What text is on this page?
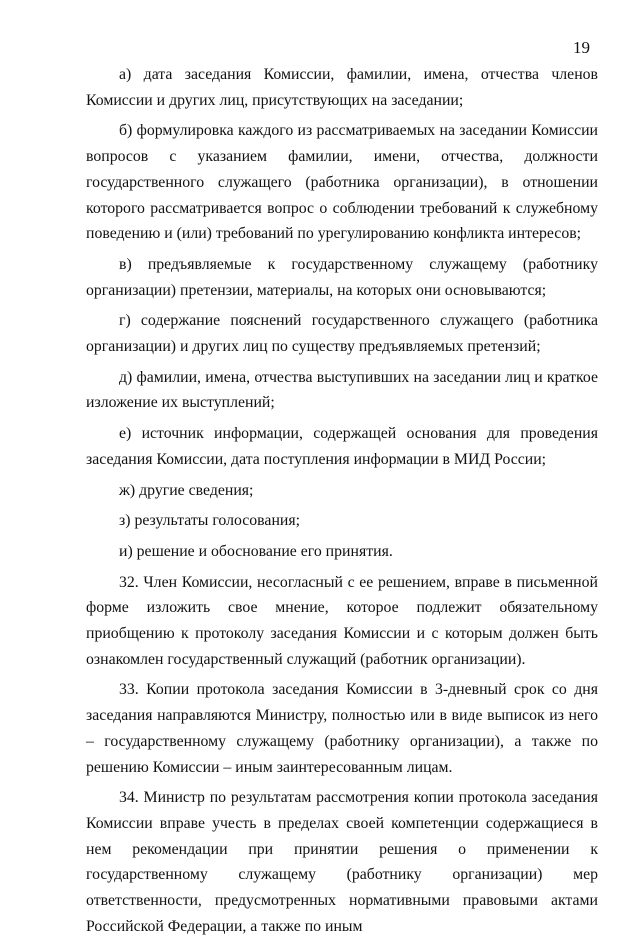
19

а) дата заседания Комиссии, фамилии, имена, отчества членов Комиссии и других лиц, присутствующих на заседании;

б) формулировка каждого из рассматриваемых на заседании Комиссии вопросов с указанием фамилии, имени, отчества, должности государственного служащего (работника организации), в отношении которого рассматривается вопрос о соблюдении требований к служебному поведению и (или) требований по урегулированию конфликта интересов;

в) предъявляемые к государственному служащему (работнику организации) претензии, материалы, на которых они основываются;

г) содержание пояснений государственного служащего (работника организации) и других лиц по существу предъявляемых претензий;

д) фамилии, имена, отчества выступивших на заседании лиц и краткое изложение их выступлений;

е) источник информации, содержащей основания для проведения заседания Комиссии, дата поступления информации в МИД России;

ж) другие сведения;

з) результаты голосования;

и) решение и обоснование его принятия.

32. Член Комиссии, несогласный с ее решением, вправе в письменной форме изложить свое мнение, которое подлежит обязательному приобщению к протоколу заседания Комиссии и с которым должен быть ознакомлен государственный служащий (работник организации).

33. Копии протокола заседания Комиссии в 3-дневный срок со дня заседания направляются Министру, полностью или в виде выписок из него – государственному служащему (работнику организации), а также по решению Комиссии – иным заинтересованным лицам.

34. Министр по результатам рассмотрения копии протокола заседания Комиссии вправе учесть в пределах своей компетенции содержащиеся в нем рекомендации при принятии решения о применении к государственному служащему (работнику организации) мер ответственности, предусмотренных нормативными правовыми актами Российской Федерации, а также по иным
